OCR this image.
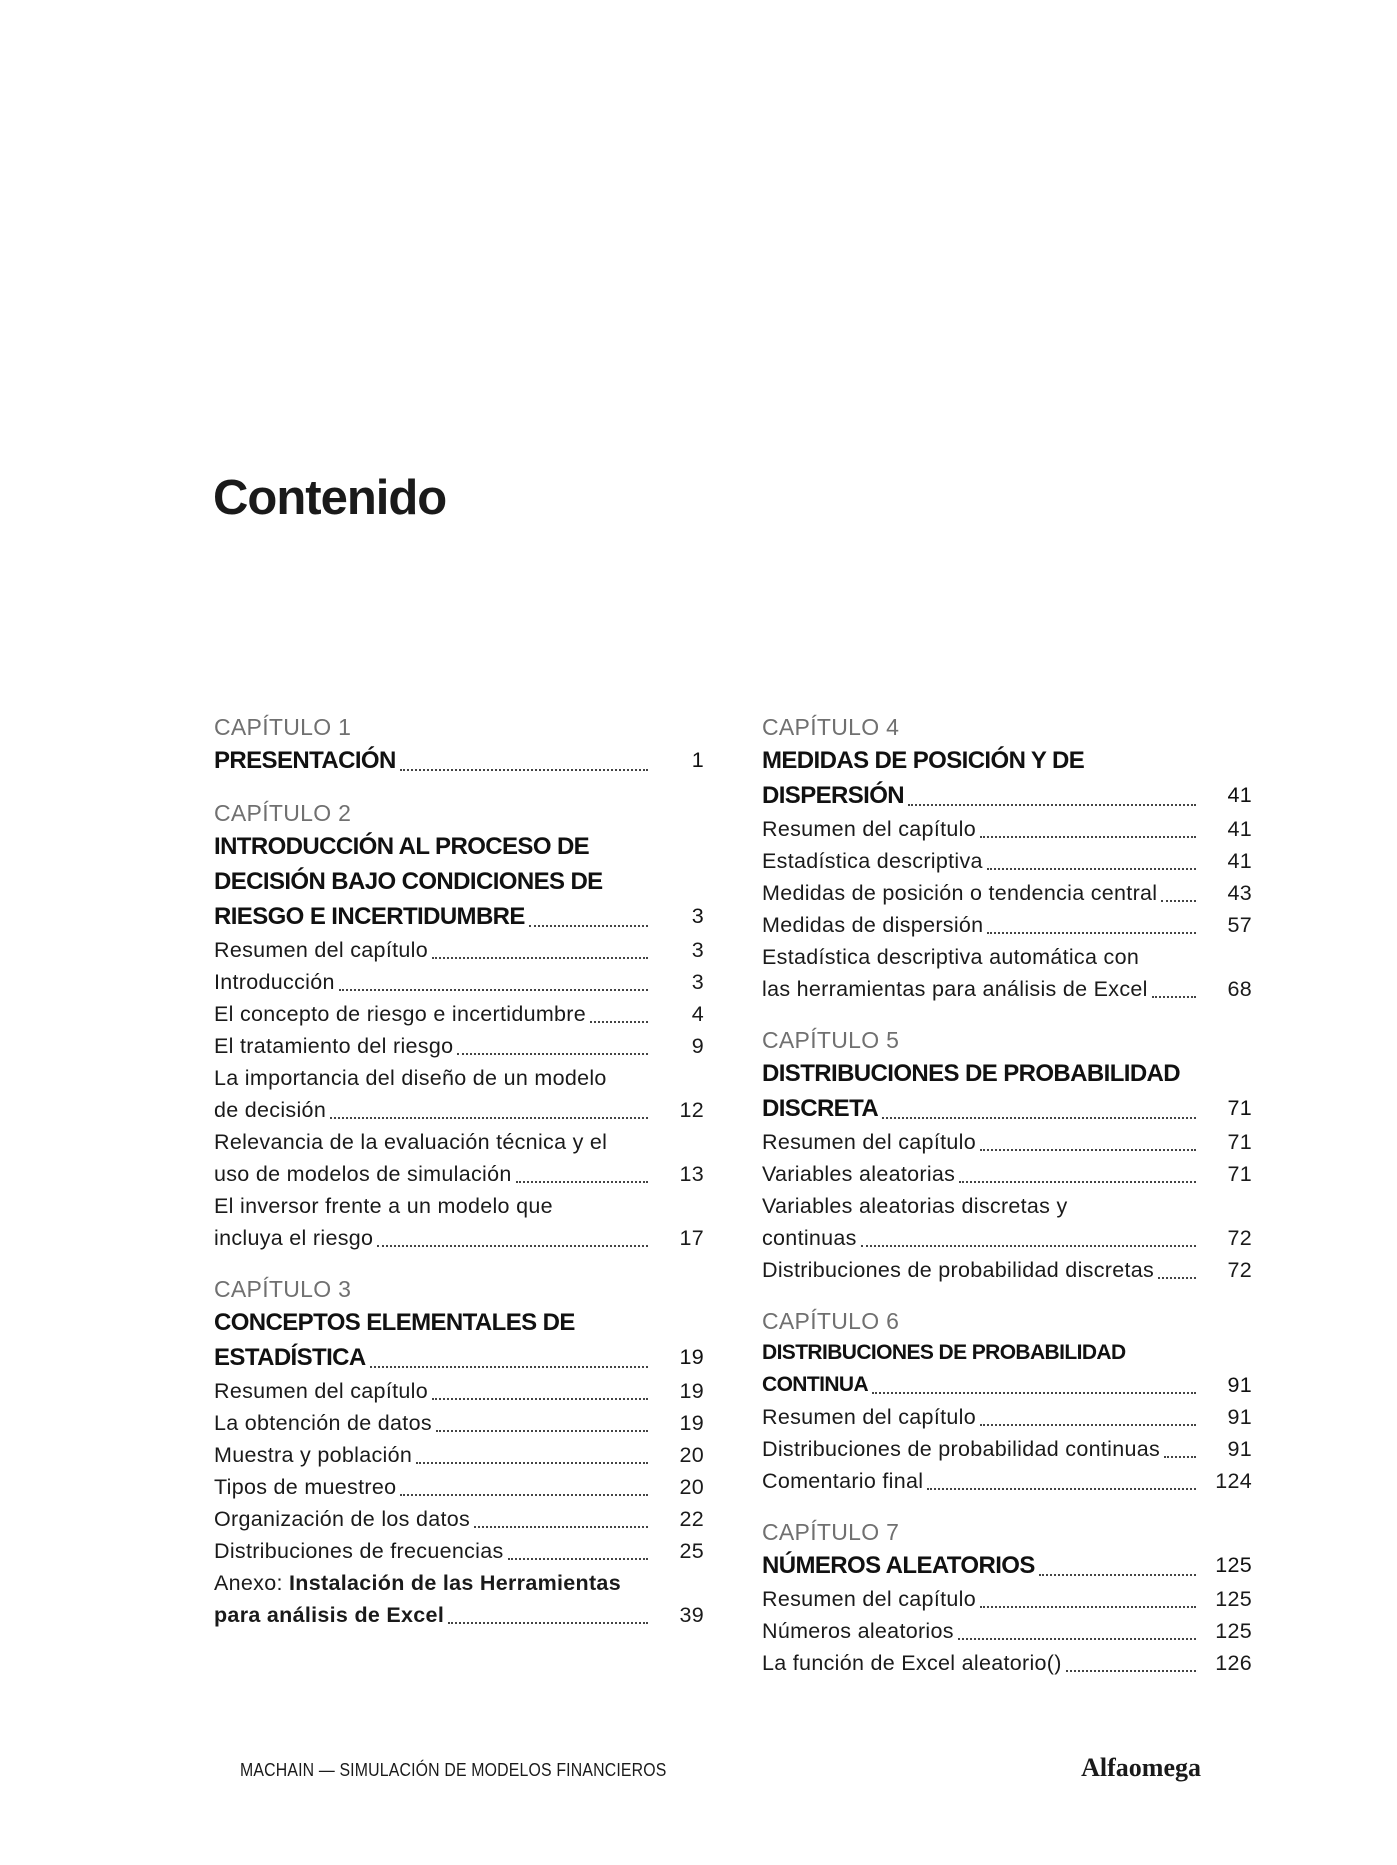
Contenido
CAPÍTULO 1
PRESENTACIÓN	1
CAPÍTULO 2
INTRODUCCIÓN AL PROCESO DE
DECISIÓN BAJO CONDICIONES DE
RIESGO E INCERTIDUMBRE	3
Resumen del capítulo	3
Introducción	3
El concepto de riesgo e incertidumbre	4
El tratamiento del riesgo	9
La importancia del diseño de un modelo
de decisión	12
Relevancia de la evaluación técnica y el
uso de modelos de simulación	13
El inversor frente a un modelo que
incluya el riesgo	17
CAPÍTULO 3
CONCEPTOS ELEMENTALES DE
ESTADÍSTICA	19
Resumen del capítulo	19
La obtención de datos	19
Muestra y población	20
Tipos de muestreo	20
Organización de los datos	22
Distribuciones de frecuencias	25
Anexo: Instalación de las Herramientas
para análisis de Excel	39
CAPÍTULO 4
MEDIDAS DE POSICIÓN Y DE
DISPERSIÓN	41
Resumen del capítulo	41
Estadística descriptiva	41
Medidas de posición o tendencia central	43
Medidas de dispersión	57
Estadística descriptiva automática con
las herramientas para análisis de Excel	68
CAPÍTULO 5
DISTRIBUCIONES DE PROBABILIDAD
DISCRETA	71
Resumen del capítulo	71
Variables aleatorias	71
Variables aleatorias discretas y
continuas	72
Distribuciones de probabilidad discretas	72
CAPÍTULO 6
DISTRIBUCIONES DE PROBABILIDAD
CONTINUA	91
Resumen del capítulo	91
Distribuciones de probabilidad continuas	91
Comentario final	124
CAPÍTULO 7
NÚMEROS ALEATORIOS	125
Resumen del capítulo	125
Números aleatorios	125
La función de Excel aleatorio()	126
MACHAIN — SIMULACIÓN DE MODELOS FINANCIEROS	Alfaomega
